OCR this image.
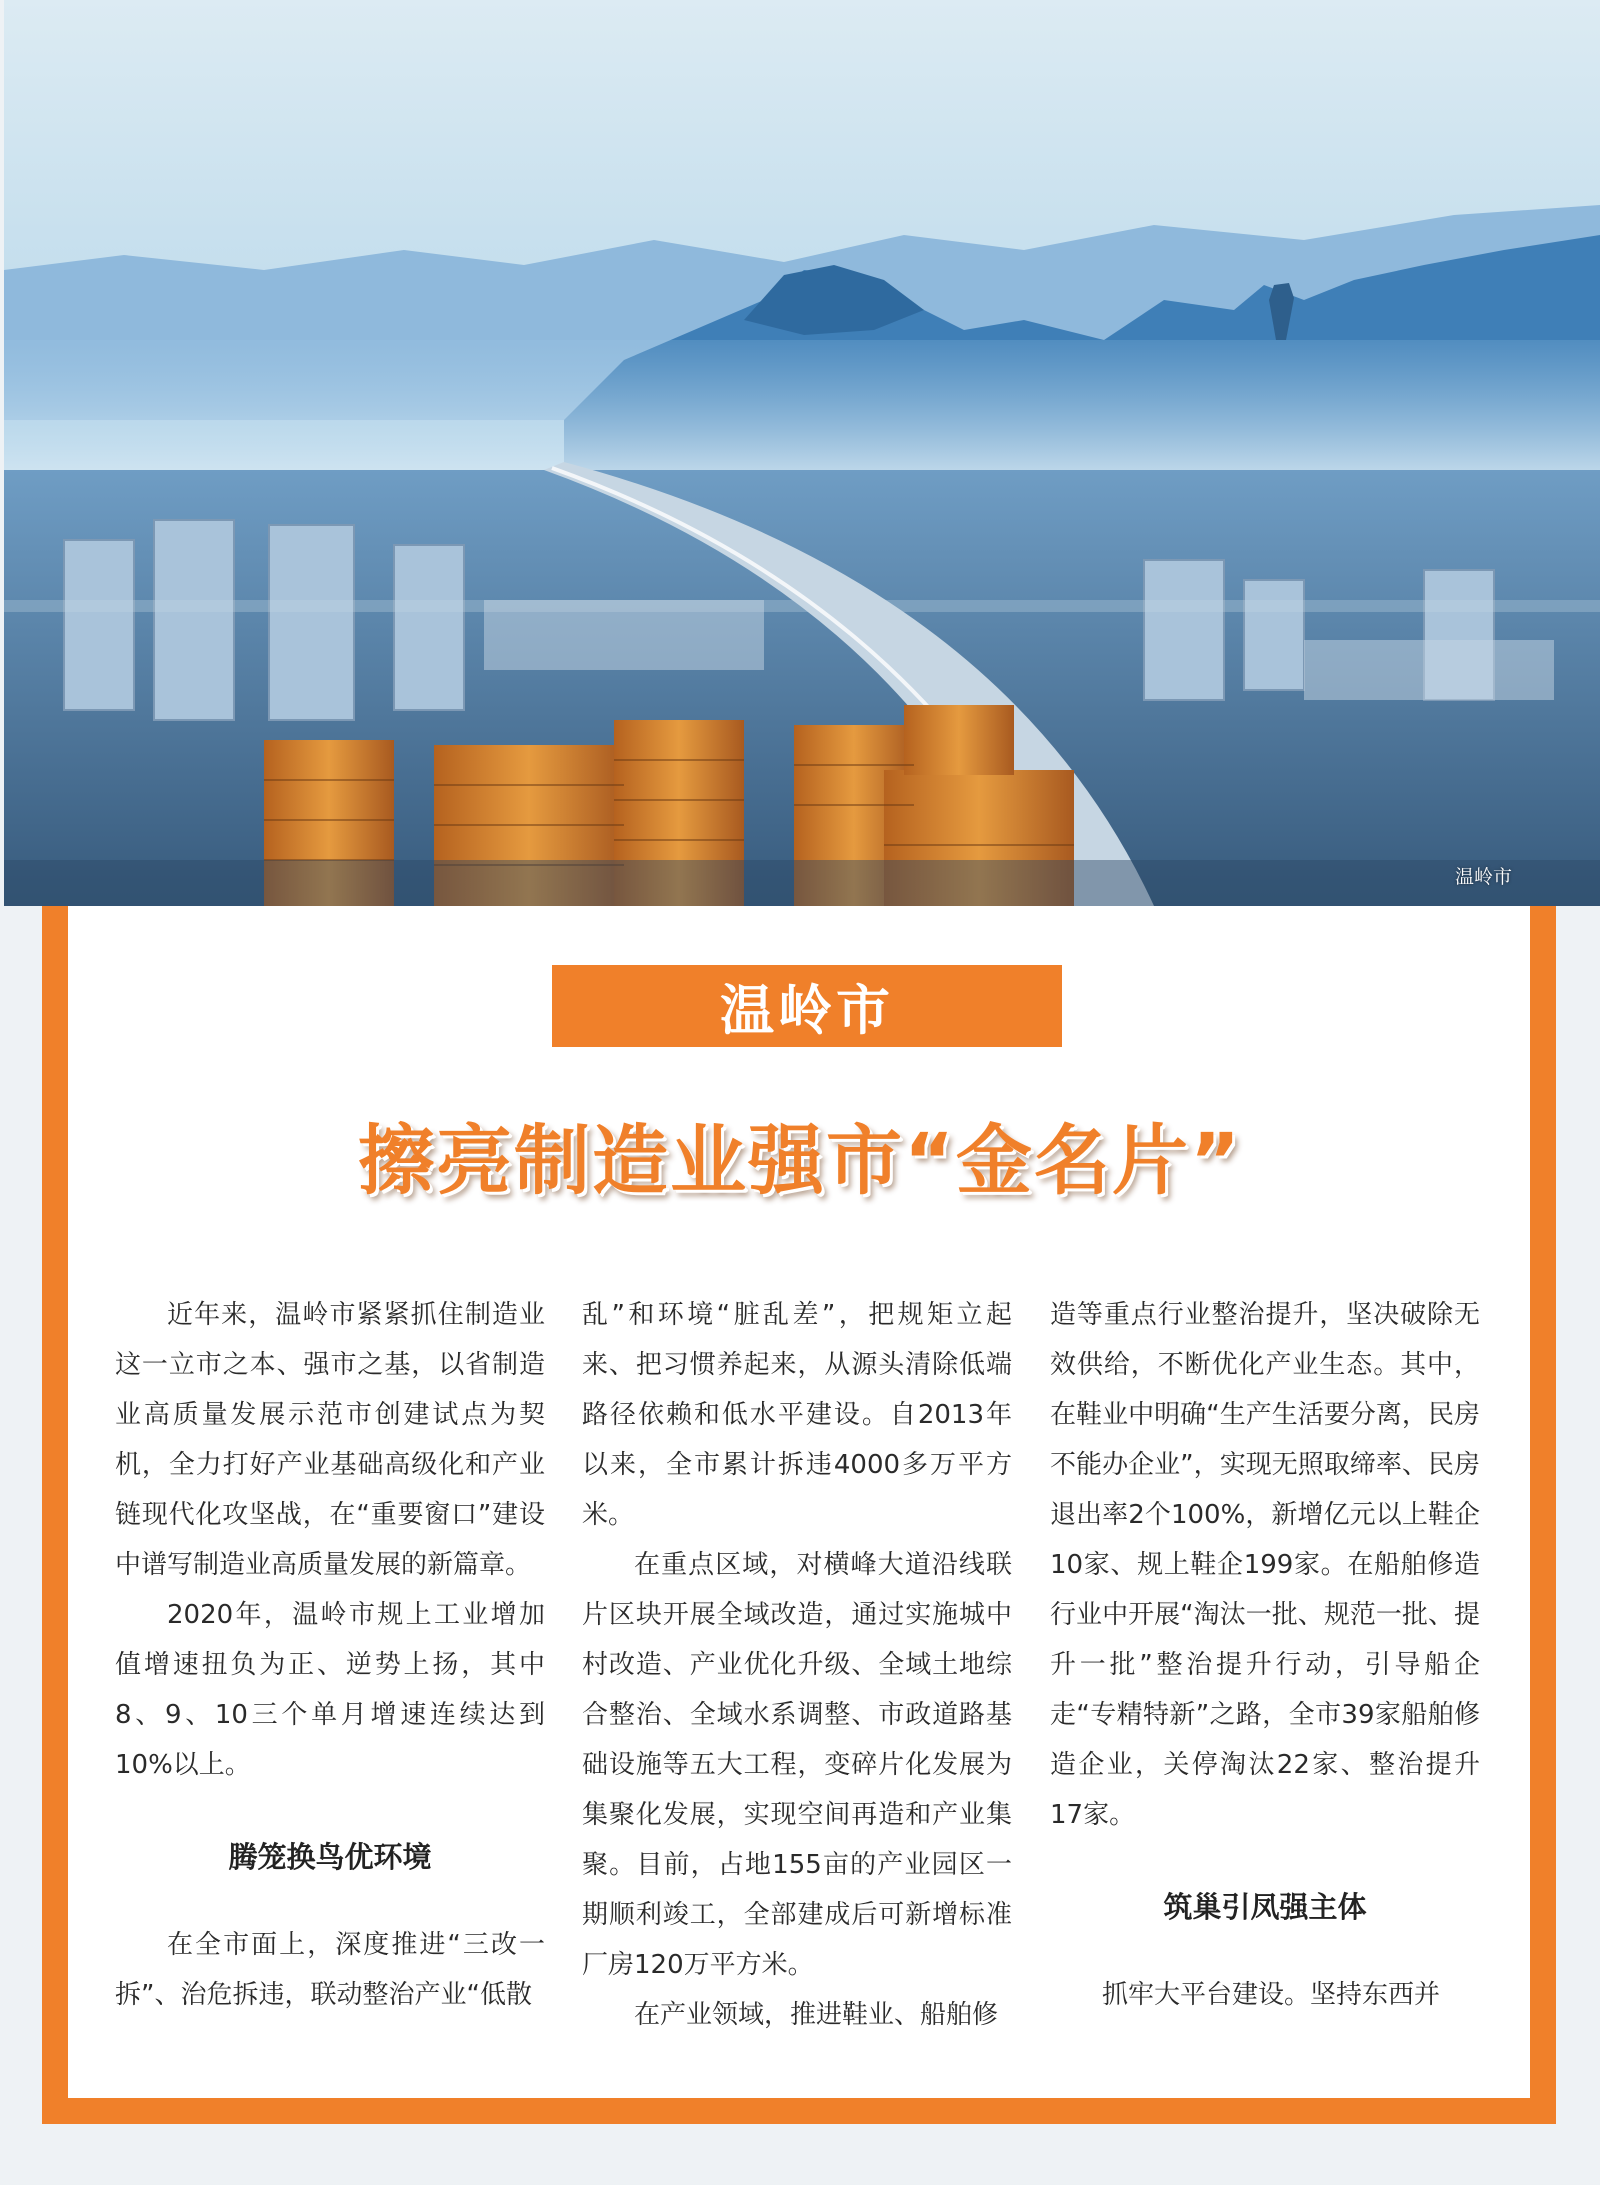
温岭市
温岭市
擦亮制造业强市“金名片”

近年来，温岭市紧紧抓住制造业这一立市之本、强市之基，以省制造业高质量发展示范市创建试点为契机，全力打好产业基础高级化和产业链现代化攻坚战，在“重要窗口”建设中谱写制造业高质量发展的新篇章。

2020年，温岭市规上工业增加值增速扭负为正、逆势上扬，其中8、9、10三个单月增速连续达到10%以上。

腾笼换鸟优环境

在全市面上，深度推进“三改一拆”、治危拆违，联动整治产业“低散

乱”和环境“脏乱差”，把规矩立起来、把习惯养起来，从源头清除低端路径依赖和低水平建设。自2013年以来，全市累计拆违4000多万平方米。

在重点区域，对横峰大道沿线联片区块开展全域改造，通过实施城中村改造、产业优化升级、全域土地综合整治、全域水系调整、市政道路基础设施等五大工程，变碎片化发展为集聚化发展，实现空间再造和产业集聚。目前，占地155亩的产业园区一期顺利竣工，全部建成后可新增标准厂房120万平方米。

在产业领域，推进鞋业、船舶修

造等重点行业整治提升，坚决破除无效供给，不断优化产业生态。其中，在鞋业中明确“生产生活要分离，民房不能办企业”，实现无照取缔率、民房退出率2个100%，新增亿元以上鞋企10家、规上鞋企199家。在船舶修造行业中开展“淘汰一批、规范一批、提升一批”整治提升行动，引导船企走“专精特新”之路，全市39家船舶修造企业，关停淘汰22家、整治提升17家。

筑巢引凤强主体

抓牢大平台建设。坚持东西并
